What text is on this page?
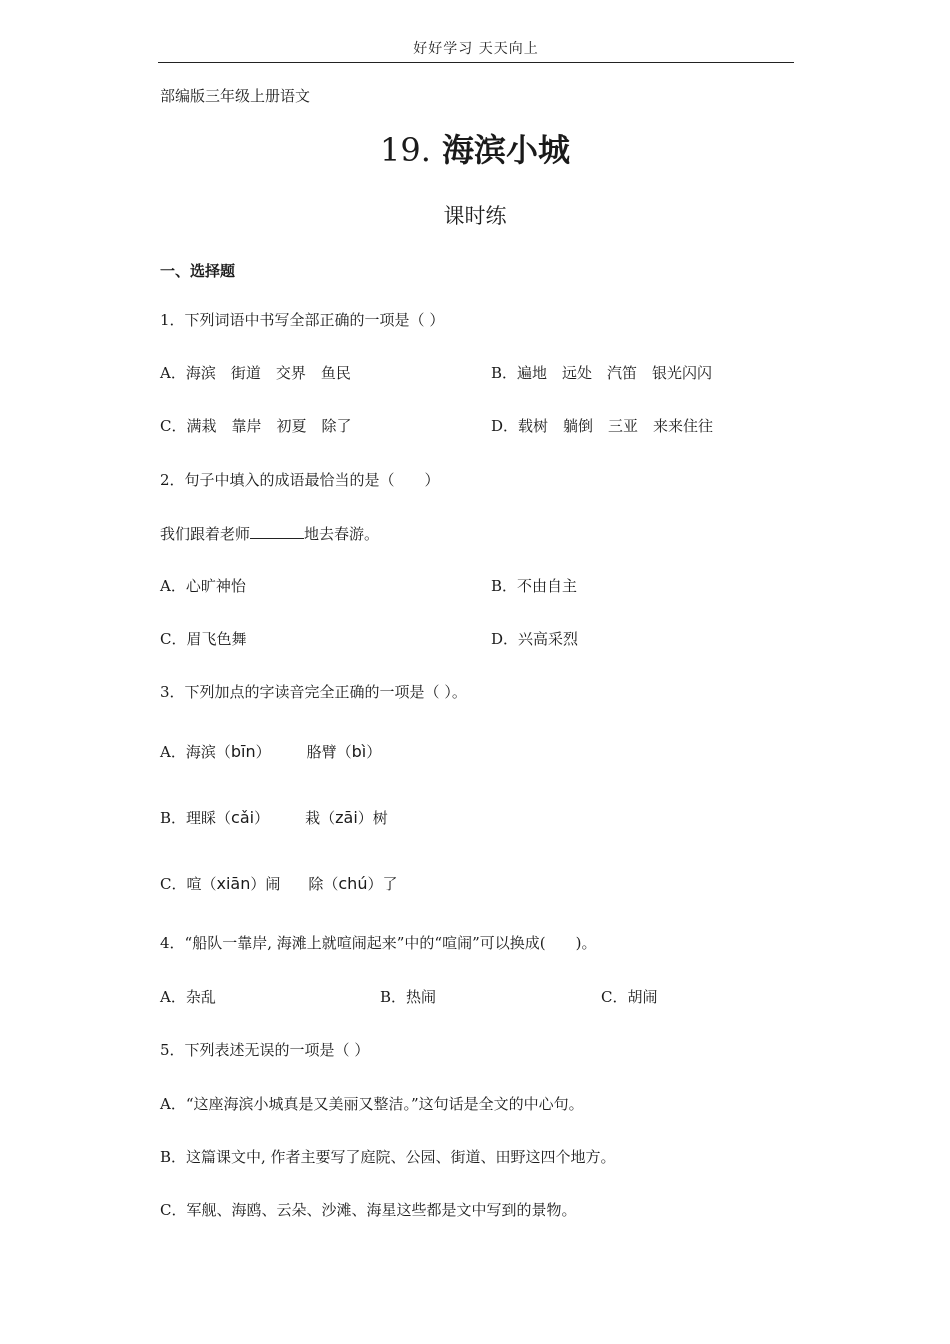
好好学习 天天向上
部编版三年级上册语文
19. 海滨小城
课时练
一、选择题
1．下列词语中书写全部正确的一项是（ ）
A．海滨　街道　交界　鱼民	B．遍地　远处　汽笛　银光闪闪
C．满栽　靠岸　初夏　除了	D．载树　躺倒　三亚　来来住往
2．句子中填入的成语最恰当的是（　　）
我们跟着老师	地去春游。
A．心旷神怡	B．不由自主
C．眉飞色舞	D．兴高采烈
3．下列加点的字读音完全正确的一项是（ ）。
A．海滨（bīn） 胳臂（bì）
B．理睬（cǎi） 栽（zāi）树
C．喧（xiān）闹 除（chú）了
4．“船队一靠岸, 海滩上就喧闹起来”中的“喧闹”可以换成(　　)。
A．杂乱	B．热闹	C．胡闹
5．下列表述无误的一项是（ ）
A．“这座海滨小城真是又美丽又整洁。”这句话是全文的中心句。
B．这篇课文中, 作者主要写了庭院、公园、街道、田野这四个地方。
C．军舰、海鸥、云朵、沙滩、海星这些都是文中写到的景物。
